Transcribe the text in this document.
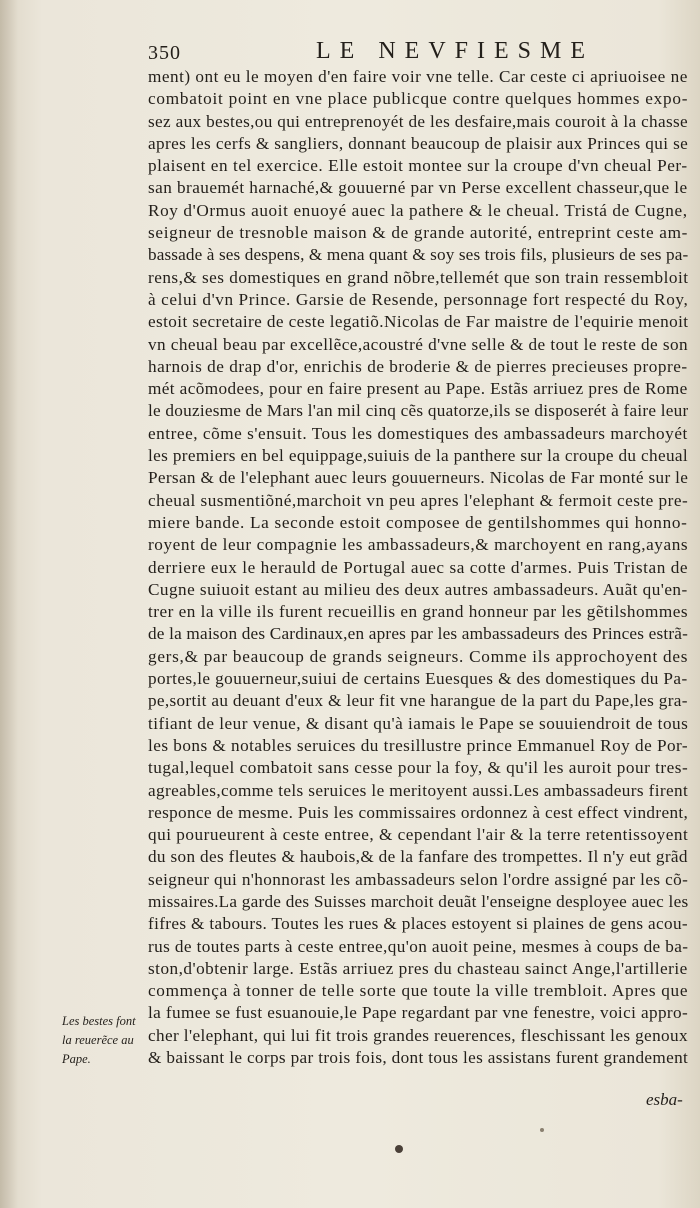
350	LE NEVFIESME

ment) ont eu le moyen d'en faire voir vne telle. Car ceste ci apriuoisee ne
combatoit point en vne place publicque contre quelques hommes expo-
sez aux bestes,ou qui entreprenoyét de les desfaire,mais couroit à la chasse
apres les cerfs & sangliers, donnant beaucoup de plaisir aux Princes qui se
plaisent en tel exercice. Elle estoit montee sur la croupe d'vn cheual Per-
san brauemét harnaché,& gouuerné par vn Perse excellent chasseur,que le
Roy d'Ormus auoit enuoyé auec la pathere & le cheual. Tristá de Cugne,
seigneur de tresnoble maison & de grande autorité, entreprint ceste am-
bassade à ses despens, & mena quant & soy ses trois fils, plusieurs de ses pa-
rens,& ses domestiques en grand nõbre,tellemét que son train ressembloit
à celui d'vn Prince. Garsie de Resende, personnage fort respecté du Roy,
estoit secretaire de ceste legatiõ.Nicolas de Far maistre de l'equirie menoit
vn cheual beau par excellẽce,acoustré d'vne selle & de tout le reste de son
harnois de drap d'or, enrichis de broderie & de pierres precieuses propre-
mét acõmodees, pour en faire present au Pape. Estãs arriuez pres de Rome
le douziesme de Mars l'an mil cinq cẽs quatorze,ils se disposerét à faire leur
entree, cõme s'ensuit. Tous les domestiques des ambassadeurs marchoyét
les premiers en bel equippage,suiuis de la panthere sur la croupe du cheual
Persan & de l'elephant auec leurs gouuerneurs. Nicolas de Far monté sur le
cheual susmentiõné,marchoit vn peu apres l'elephant & fermoit ceste pre-
miere bande. La seconde estoit composee de gentilshommes qui honno-
royent de leur compagnie les ambassadeurs,& marchoyent en rang,ayans
derriere eux le herauld de Portugal auec sa cotte d'armes. Puis Tristan de
Cugne suiuoit estant au milieu des deux autres ambassadeurs. Auãt qu'en-
trer en la ville ils furent recueillis en grand honneur par les gẽtilshommes
de la maison des Cardinaux,en apres par les ambassadeurs des Princes estrã-
gers,& par beaucoup de grands seigneurs. Comme ils approchoyent des
portes,le gouuerneur,suiui de certains Euesques & des domestiques du Pa-
pe,sortit au deuant d'eux & leur fit vne harangue de la part du Pape,les gra-
tifiant de leur venue, & disant qu'à iamais le Pape se souuiendroit de tous
les bons & notables seruices du tresillustre prince Emmanuel Roy de Por-
tugal,lequel combatoit sans cesse pour la foy, & qu'il les auroit pour tres-
agreables,comme tels seruices le meritoyent aussi.Les ambassadeurs firent
responce de mesme. Puis les commissaires ordonnez à cest effect vindrent,
qui pourueurent à ceste entree, & cependant l'air & la terre retentissoyent
du son des fleutes & haubois,& de la fanfare des trompettes. Il n'y eut grãd
seigneur qui n'honnorast les ambassadeurs selon l'ordre assigné par les cõ-
missaires.La garde des Suisses marchoit deuãt l'enseigne desployee auec les
fifres & tabours. Toutes les rues & places estoyent si plaines de gens acou-
rus de toutes parts à ceste entree,qu'on auoit peine, mesmes à coups de ba-
ston,d'obtenir large. Estãs arriuez pres du chasteau sainct Ange,l'artillerie
commença à tonner de telle sorte que toute la ville trembloit. Apres que
la fumee se fust esuanouie,le Pape regardant par vne fenestre, voici appro-
cher l'elephant, qui lui fit trois grandes reuerences, fleschissant les genoux
& baissant le corps par trois fois, dont tous les assistans furent grandement

Les bestes font
la reuerẽce au
Pape.
esba-
